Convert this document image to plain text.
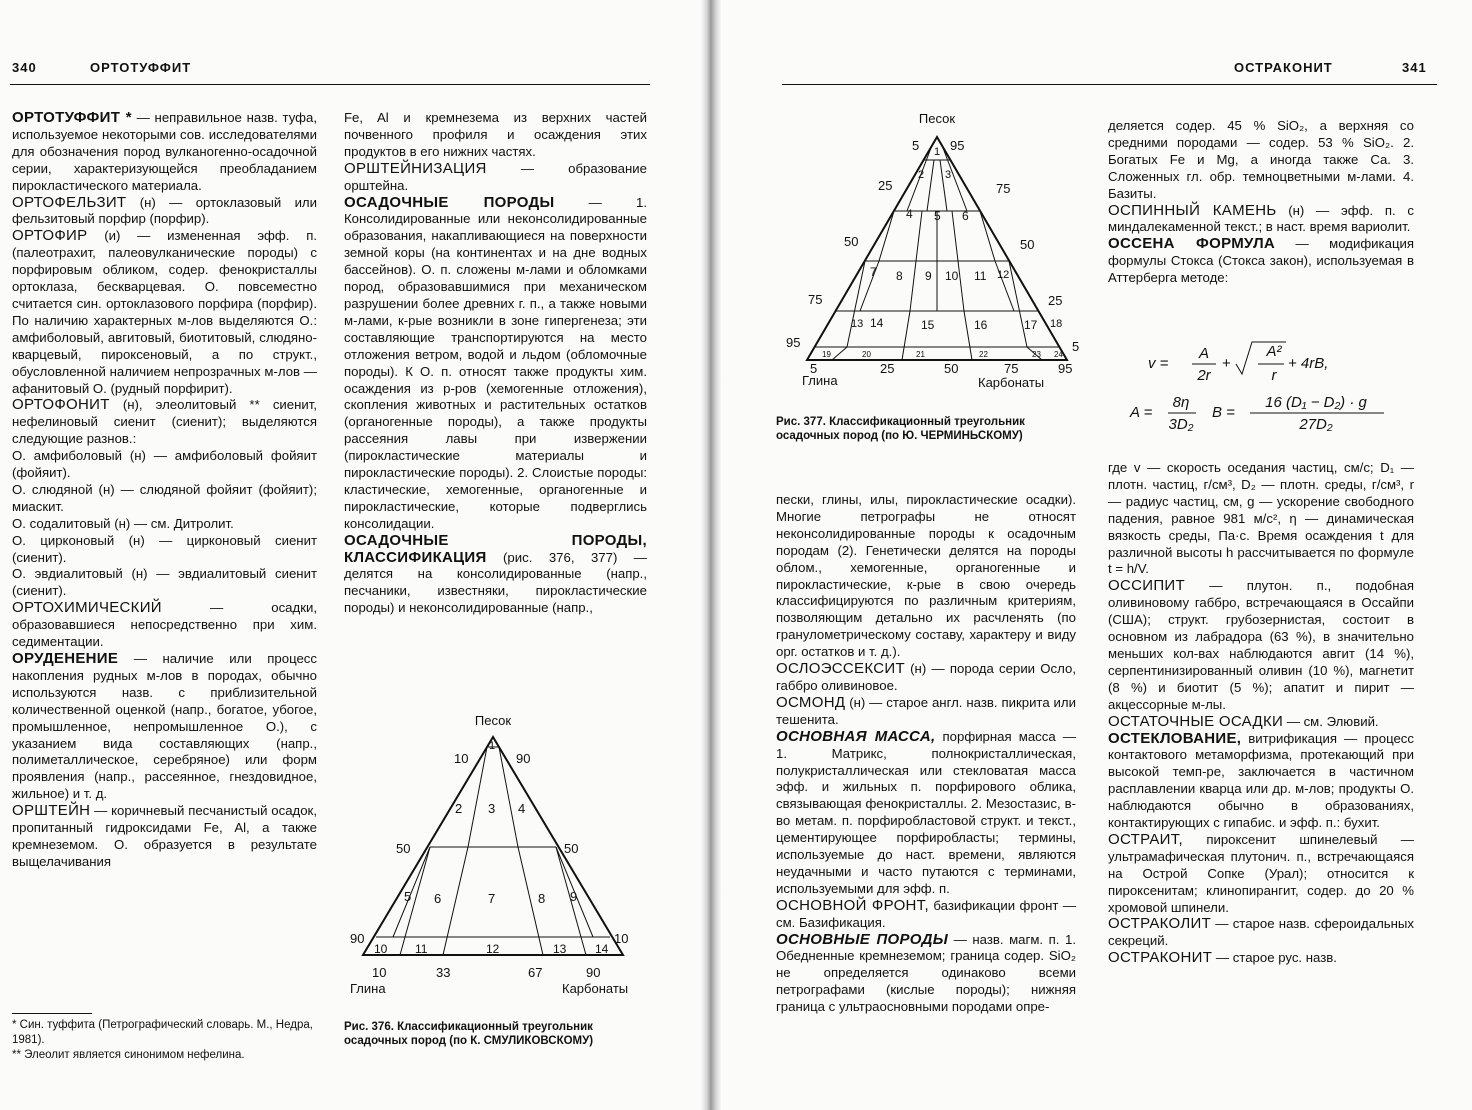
340	ОРТОТУФФИТ

ОРТОТУФФИТ * — неправильное назв. туфа, используемое некоторыми сов. исследователями для обозначения пород вулканогенно-осадочной серии, характеризующейся преобладанием пирокластического материала.

ОРТОФЕЛЬЗИТ (н) — ортоклазовый или фельзитовый порфир (порфир).

ОРТОФИР (и) — измененная эфф. п. (палеотрахит, палеовулканические породы) с порфировым обликом, содер. фенокристаллы ортоклаза, бескварцевая. О. повсеместно считается син. ортоклазового порфира (порфир). По наличию характерных м-лов выделяются О.: амфиболовый, авгитовый, биотитовый, слюдяно-кварцевый, пироксеновый, а по структ., обусловленной наличием непрозрачных м-лов — афанитовый О. (рудный порфирит).

ОРТОФОНИТ (н), элеолитовый ** сиенит, нефелиновый сиенит (сиенит); выделяются следующие разнов.:

О. амфиболовый (н) — амфиболовый фойяит (фойяит).

О. слюдяной (н) — слюдяной фойяит (фойяит); миаскит.

О. содалитовый (н) — см. Дитролит.

О. цирконовый (н) — цирконовый сиенит (сиенит).

О. эвдиалитовый (н) — эвдиалитовый сиенит (сиенит).

ОРТОХИМИЧЕСКИЙ — осадки, образовавшиеся непосредственно при хим. седиментации.

ОРУДЕНЕНИЕ — наличие или процесс накопления рудных м-лов в породах, обычно используются назв. с приблизительной количественной оценкой (напр., богатое, убогое, промышленное, непромышленное О.), с указанием вида составляющих (напр., полиметаллическое, серебряное) или форм проявления (напр., рассеянное, гнездовидное, жильное) и т. д.

ОРШТЕЙН — коричневый песчанистый осадок, пропитанный гидроксидами Fe, Al, а также кремнеземом. О. образуется в результате выщелачивания

Fe, Al и кремнезема из верхних частей почвенного профиля и осаждения этих продуктов в его нижних частях.

ОРШТЕЙНИЗАЦИЯ — образование орштейна.

ОСАДОЧНЫЕ ПОРОДЫ — 1. Консолидированные или неконсолидированные образования, накапливающиеся на поверхности земной коры (на континентах и на дне водных бассейнов). О. п. сложены м-лами и обломками пород, образовавшимися при механическом разрушении более древних г. п., а также новыми м-лами, к-рые возникли в зоне гипергенеза; эти составляющие транспортируются на место отложения ветром, водой и льдом (обломочные породы). К О. п. относят также продукты хим. осаждения из р-ров (хемогенные отложения), скопления животных и растительных остатков (органогенные породы), а также продукты рассеяния лавы при извержении (пирокластические материалы и пирокластические породы). 2. Слоистые породы: кластические, хемогенные, органогенные и пирокластические, которые подверглись консолидации.

ОСАДОЧНЫЕ ПОРОДЫ, КЛАССИФИКАЦИЯ (рис. 376, 377) — делятся на консолидированные (напр., песчаники, известняки, пирокластические породы) и неконсолидированные (напр.,

Песок
Глина	Карбонаты
10
50
90
90
50
10
10	33	67	90
1
2 3 4
5 6	7	8 9
10 11	12	13 14
Рис. 376. Классификационный треугольник осадочных пород (по К. СМУЛИКОВСКОМУ)
* Син. туффита (Петрографический словарь. М., Недра, 1981).
** Элеолит является синонимом нефелина.
ОСТРАКОНИТ	341
Песок
Глина	Карбонаты
5
25
50
75
95
95
75
50
25
5
5	25	50	75	95
1
2 3
4 5 6
7 8 9 10 11 12
13 14	15	16	17 18
19	20	21	22	23 24
Рис. 377. Классификационный треугольник осадочных пород (по Ю. ЧЕРМИНЬСКОМУ)

пески, глины, илы, пирокластические осадки). Многие петрографы не относят неконсолидированные породы к осадочным породам (2). Генетически делятся на породы облом., хемогенные, органогенные и пирокластические, к-рые в свою очередь классифицируются по различным критериям, позволяющим детально их расчленять (по гранулометрическому составу, характеру и виду орг. остатков и т. д.).

ОСЛОЭССЕКСИТ (н) — порода серии Осло, габбро оливиновое.

ОСМОНД (н) — старое англ. назв. пикрита или тешенита.

ОСНОВНАЯ МАССА, порфирная масса — 1. Матрикс, полнокристаллическая, полукристаллическая или стекловатая масса эфф. и жильных п. порфирового облика, связывающая фенокристаллы. 2. Мезостазис, в-во метам. п. порфиробластовой структ. и текст., цементирующее порфиробласты; термины, используемые до наст. времени, являются неудачными и часто путаются с терминами, используемыми для эфф. п.

ОСНОВНОЙ ФРОНТ, базификации фронт — см. Базификация.

ОСНОВНЫЕ ПОРОДЫ — назв. магм. п. 1. Обедненные кремнеземом; граница содер. SiO₂ не определяется одинаково всеми петрографами (кислые породы); нижняя граница с ультраосновными породами опре-

деляется содер. 45 % SiO₂, а верхняя со средними породами — содер. 53 % SiO₂. 2. Богатых Fe и Mg, а иногда также Ca. 3. Сложенных гл. обр. темноцветными м-лами. 4. Базиты.

ОСПИННЫЙ КАМЕНЬ (н) — эфф. п. с миндалекаменной текст.; в наст. время вариолит.

ОССЕНА ФОРМУЛА — модификация формулы Стокса (Стокса закон), используемая в Аттерберга методе:

v =
A
2r
+
A²
r
+ 4rB,
A =
8η
3D₂
B =
16 (D₁ − D₂) · g
27D₂

где v — скорость оседания частиц, см/с; D₁ — плотн. частиц, г/см³, D₂ — плотн. среды, г/см³, r — радиус частиц, см, g — ускорение свободного падения, равное 981 м/с², η — динамическая вязкость среды, Па·с. Время осаждения t для различной высоты h рассчитывается по формуле t = h/V.

ОССИПИТ — плутон. п., подобная оливиновому габбро, встречающаяся в Оссайпи (США); структ. грубозернистая, состоит в основном из лабрадора (63 %), в значительно меньших кол-вах наблюдаются авгит (14 %), серпентинизированный оливин (10 %), магнетит (8 %) и биотит (5 %); апатит и пирит — акцессорные м-лы.

ОСТАТОЧНЫЕ ОСАДКИ — см. Элювий.

ОСТЕКЛОВАНИЕ, витрификация — процесс контактового метаморфизма, протекающий при высокой темп-ре, заключается в частичном расплавлении кварца или др. м-лов; продукты О. наблюдаются обычно в образованиях, контактирующих с гипабис. и эфф. п.: бухит.

ОСТРАИТ, пироксенит шпинелевый — ультрамафическая плутонич. п., встречающаяся на Острой Сопке (Урал); относится к пироксенитам; клинопирангит, содер. до 20 % хромовой шпинели.

ОСТРАКОЛИТ — старое назв. сфероидальных секреций.

ОСТРАКОНИТ — старое рус. назв.
